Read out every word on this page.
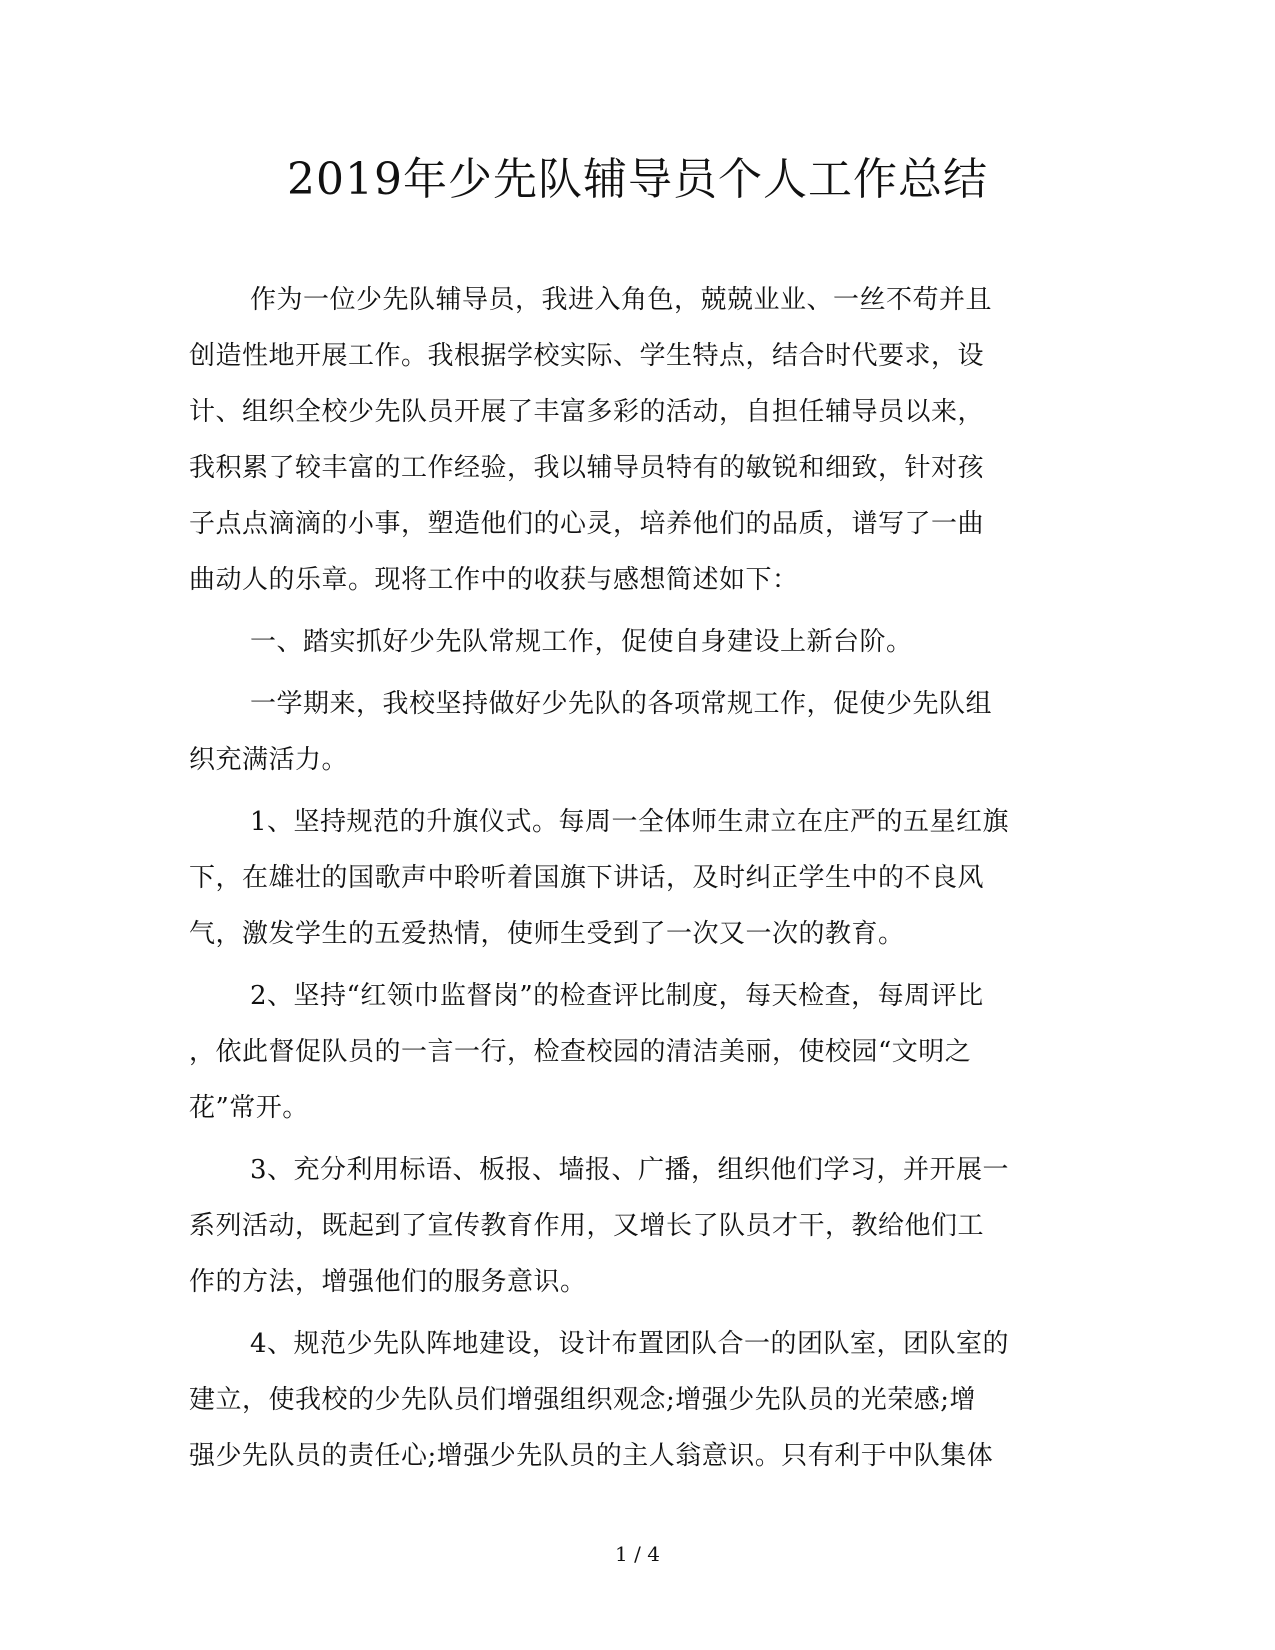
2019年少先队辅导员个人工作总结

作为一位少先队辅导员，我进入角色，兢兢业业、一丝不苟并且
创造性地开展工作。我根据学校实际、学生特点，结合时代要求，设
计、组织全校少先队员开展了丰富多彩的活动，自担任辅导员以来，
我积累了较丰富的工作经验，我以辅导员特有的敏锐和细致，针对孩
子点点滴滴的小事，塑造他们的心灵，培养他们的品质，谱写了一曲
曲动人的乐章。现将工作中的收获与感想简述如下：

一、踏实抓好少先队常规工作，促使自身建设上新台阶。

一学期来，我校坚持做好少先队的各项常规工作，促使少先队组
织充满活力。

1、坚持规范的升旗仪式。每周一全体师生肃立在庄严的五星红旗
下，在雄壮的国歌声中聆听着国旗下讲话，及时纠正学生中的不良风
气，激发学生的五爱热情，使师生受到了一次又一次的教育。

2、坚持“红领巾监督岗”的检查评比制度，每天检查，每周评比
，依此督促队员的一言一行，检查校园的清洁美丽，使校园“文明之
花”常开。

3、充分利用标语、板报、墙报、广播，组织他们学习，并开展一
系列活动，既起到了宣传教育作用，又增长了队员才干，教给他们工
作的方法，增强他们的服务意识。

4、规范少先队阵地建设，设计布置团队合一的团队室，团队室的
建立，使我校的少先队员们增强组织观念;增强少先队员的光荣感;增
强少先队员的责任心;增强少先队员的主人翁意识。只有利于中队集体

1 / 4
